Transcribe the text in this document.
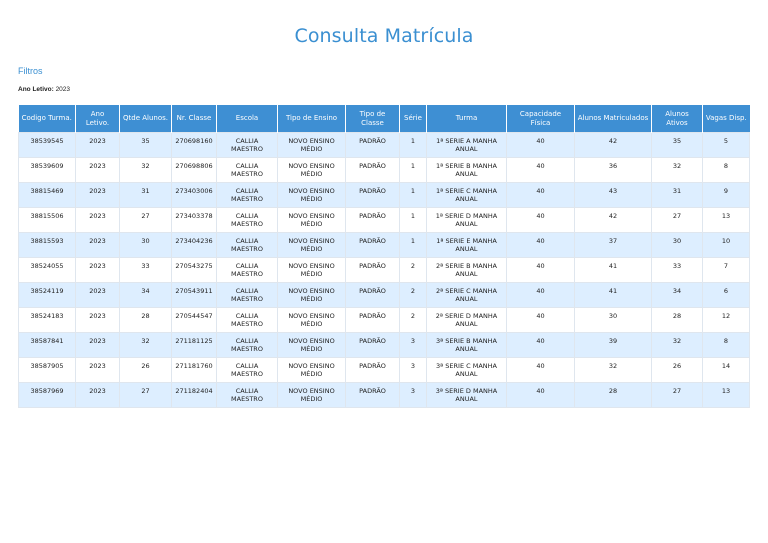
Consulta Matrícula
Filtros
Ano Letivo: 2023
Codigo Turma.	Ano Letivo.	Qtde Alunos.	Nr. Classe	Escola	Tipo de Ensino	Tipo de Classe	Série	Turma	Capacidade Física	Alunos Matriculados	Alunos Ativos	Vagas Disp.
38539545	2023	35	270698160	CALLIA MAESTRO	NOVO ENSINO MÉDIO	PADRÃO	1	1ª SERIE A MANHA ANUAL	40	42	35	5
38539609	2023	32	270698806	CALLIA MAESTRO	NOVO ENSINO MÉDIO	PADRÃO	1	1ª SERIE B MANHA ANUAL	40	36	32	8
38815469	2023	31	273403006	CALLIA MAESTRO	NOVO ENSINO MÉDIO	PADRÃO	1	1ª SERIE C MANHA ANUAL	40	43	31	9
38815506	2023	27	273403378	CALLIA MAESTRO	NOVO ENSINO MÉDIO	PADRÃO	1	1ª SERIE D MANHA ANUAL	40	42	27	13
38815593	2023	30	273404236	CALLIA MAESTRO	NOVO ENSINO MÉDIO	PADRÃO	1	1ª SERIE E MANHA ANUAL	40	37	30	10
38524055	2023	33	270543275	CALLIA MAESTRO	NOVO ENSINO MÉDIO	PADRÃO	2	2ª SERIE B MANHA ANUAL	40	41	33	7
38524119	2023	34	270543911	CALLIA MAESTRO	NOVO ENSINO MÉDIO	PADRÃO	2	2ª SERIE C MANHA ANUAL	40	41	34	6
38524183	2023	28	270544547	CALLIA MAESTRO	NOVO ENSINO MÉDIO	PADRÃO	2	2ª SERIE D MANHA ANUAL	40	30	28	12
38587841	2023	32	271181125	CALLIA MAESTRO	NOVO ENSINO MÉDIO	PADRÃO	3	3ª SERIE B MANHA ANUAL	40	39	32	8
38587905	2023	26	271181760	CALLIA MAESTRO	NOVO ENSINO MÉDIO	PADRÃO	3	3ª SERIE C MANHA ANUAL	40	32	26	14
38587969	2023	27	271182404	CALLIA MAESTRO	NOVO ENSINO MÉDIO	PADRÃO	3	3ª SERIE D MANHA ANUAL	40	28	27	13
